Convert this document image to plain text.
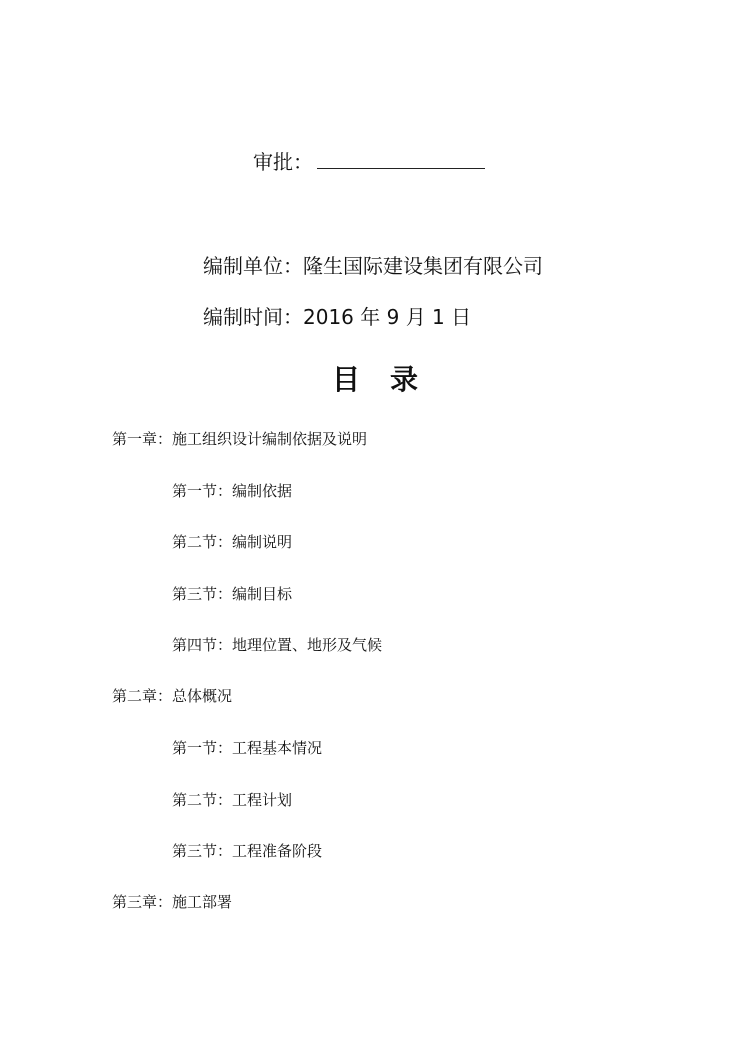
审批：
编制单位：隆生国际建设集团有限公司
编制时间：2016 年 9 月 1 日
目录
第一章：施工组织设计编制依据及说明
第一节：编制依据
第二节：编制说明
第三节：编制目标
第四节：地理位置、地形及气候
第二章：总体概况
第一节：工程基本情况
第二节：工程计划
第三节：工程准备阶段
第三章：施工部署
